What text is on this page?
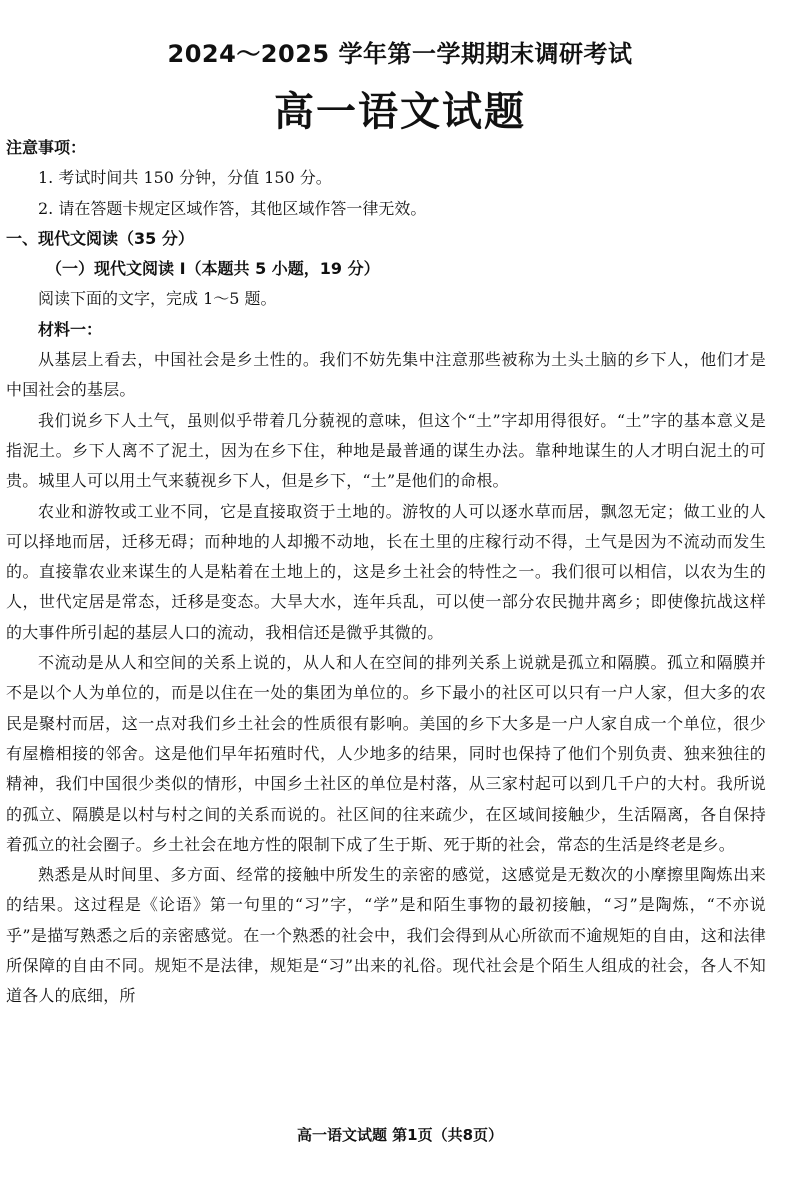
2024～2025 学年第一学期期末调研考试
高一语文试题

注意事项：

1. 考试时间共 150 分钟，分值 150 分。

2. 请在答题卡规定区域作答，其他区域作答一律无效。

一、现代文阅读（35 分）

（一）现代文阅读 I（本题共 5 小题，19 分）

阅读下面的文字，完成 1～5 题。

材料一：

从基层上看去，中国社会是乡土性的。我们不妨先集中注意那些被称为土头土脑的乡下人，他们才是中国社会的基层。

我们说乡下人土气，虽则似乎带着几分藐视的意味，但这个“土”字却用得很好。“土”字的基本意义是指泥土。乡下人离不了泥土，因为在乡下住，种地是最普通的谋生办法。靠种地谋生的人才明白泥土的可贵。城里人可以用土气来藐视乡下人，但是乡下，“土”是他们的命根。

农业和游牧或工业不同，它是直接取资于土地的。游牧的人可以逐水草而居，飘忽无定；做工业的人可以择地而居，迁移无碍；而种地的人却搬不动地，长在土里的庄稼行动不得，土气是因为不流动而发生的。直接靠农业来谋生的人是粘着在土地上的，这是乡土社会的特性之一。我们很可以相信，以农为生的人，世代定居是常态，迁移是变态。大旱大水，连年兵乱，可以使一部分农民抛井离乡；即使像抗战这样的大事件所引起的基层人口的流动，我相信还是微乎其微的。

不流动是从人和空间的关系上说的，从人和人在空间的排列关系上说就是孤立和隔膜。孤立和隔膜并不是以个人为单位的，而是以住在一处的集团为单位的。乡下最小的社区可以只有一户人家，但大多的农民是聚村而居，这一点对我们乡土社会的性质很有影响。美国的乡下大多是一户人家自成一个单位，很少有屋檐相接的邻舍。这是他们早年拓殖时代，人少地多的结果，同时也保持了他们个别负责、独来独往的精神，我们中国很少类似的情形，中国乡土社区的单位是村落，从三家村起可以到几千户的大村。我所说的孤立、隔膜是以村与村之间的关系而说的。社区间的往来疏少，在区域间接触少，生活隔离，各自保持着孤立的社会圈子。乡土社会在地方性的限制下成了生于斯、死于斯的社会，常态的生活是终老是乡。

熟悉是从时间里、多方面、经常的接触中所发生的亲密的感觉，这感觉是无数次的小摩擦里陶炼出来的结果。这过程是《论语》第一句里的“习”字，“学”是和陌生事物的最初接触，“习”是陶炼，“不亦说乎”是描写熟悉之后的亲密感觉。在一个熟悉的社会中，我们会得到从心所欲而不逾规矩的自由，这和法律所保障的自由不同。规矩不是法律，规矩是“习”出来的礼俗。现代社会是个陌生人组成的社会，各人不知道各人的底细，所

高一语文试题 第1页（共8页）
